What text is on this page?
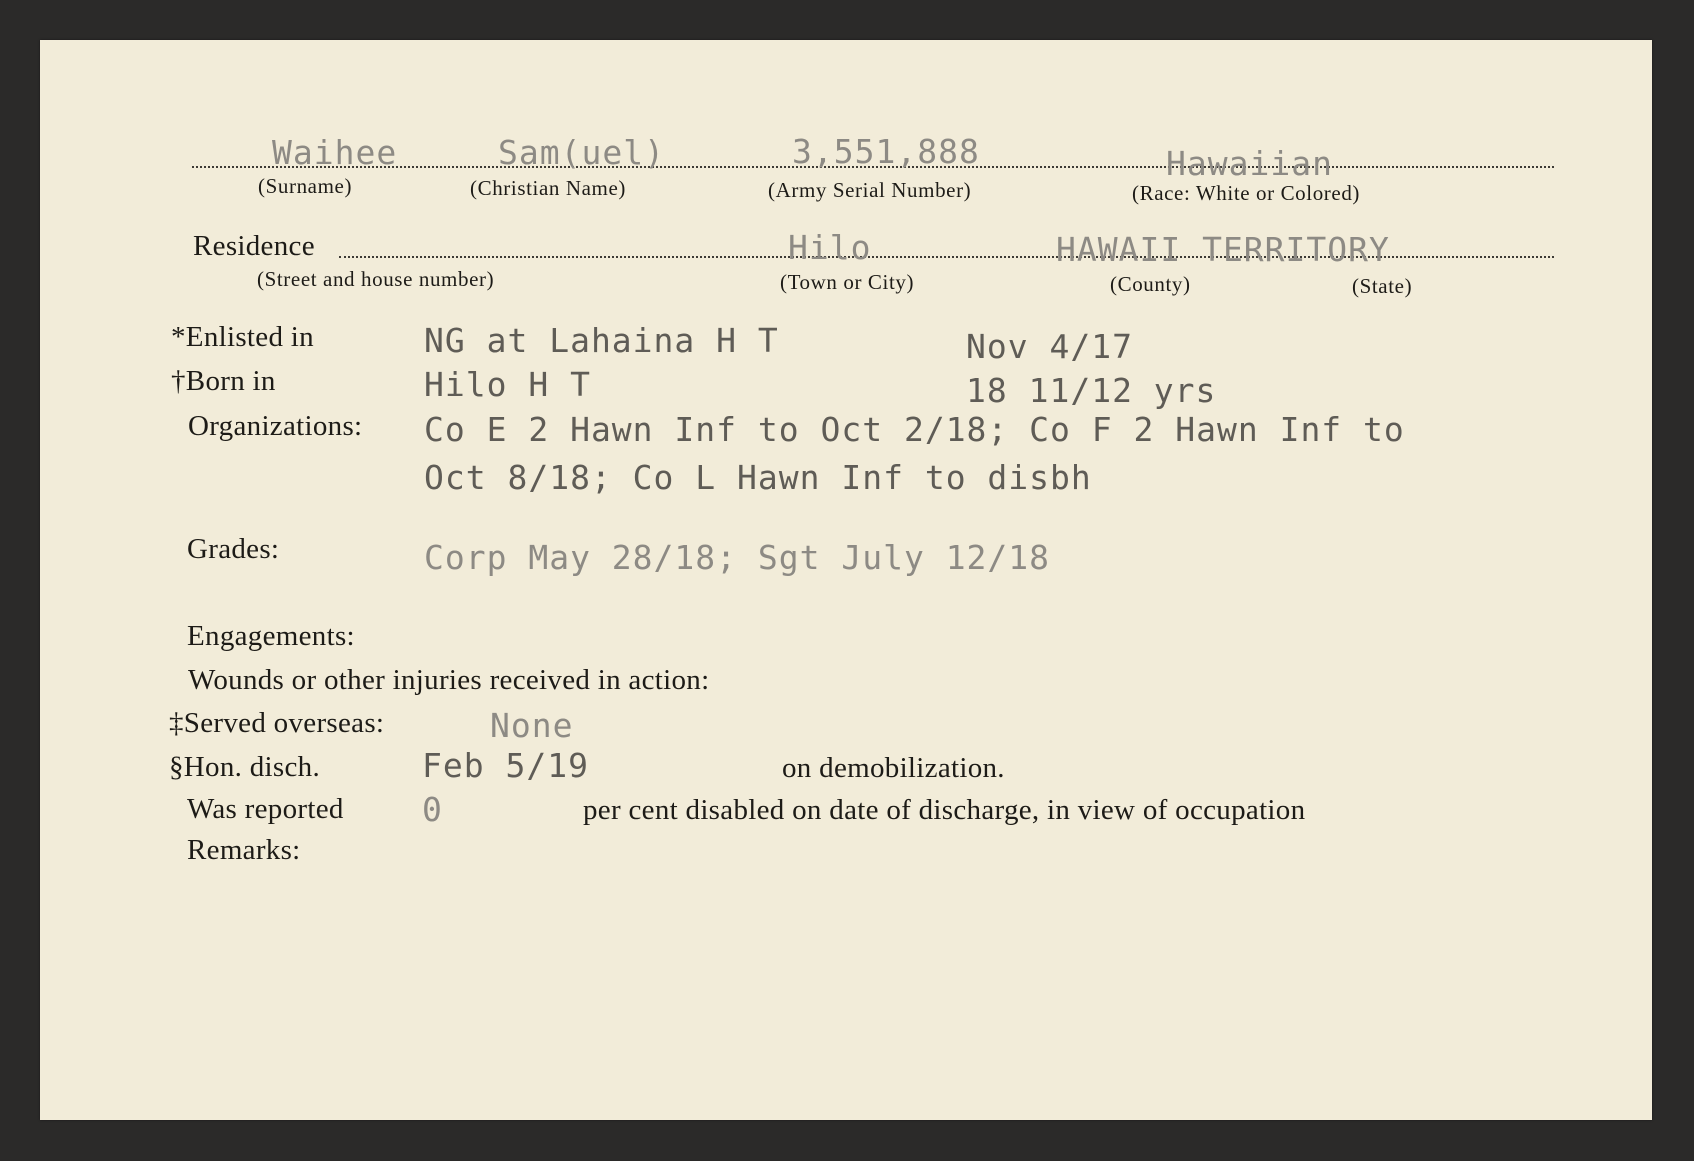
Waihee
(Surname)
Sam(uel)
(Christian Name)
3,551,888
(Army Serial Number)
Hawaiian
(Race: White or Colored)
Residence
(Street and house number)
Hilo
(Town or City)
HAWAII TERRITORY
(County)	(State)
*Enlisted in	NG at Lahaina H T	Nov 4/17
†Born in	Hilo H T	18 11/12 yrs
Organizations: Co E 2 Hawn Inf to Oct 2/18; Co F 2 Hawn Inf to
Oct 8/18; Co L Hawn Inf to disbh
Grades:	Corp May 28/18; Sgt July 12/18
Engagements:
Wounds or other injuries received in action:
‡Served overseas:	None
§Hon. disch.	Feb 5/19	on demobilization.
Was reported 0	per cent disabled on date of discharge, in view of occupation
Remarks:
